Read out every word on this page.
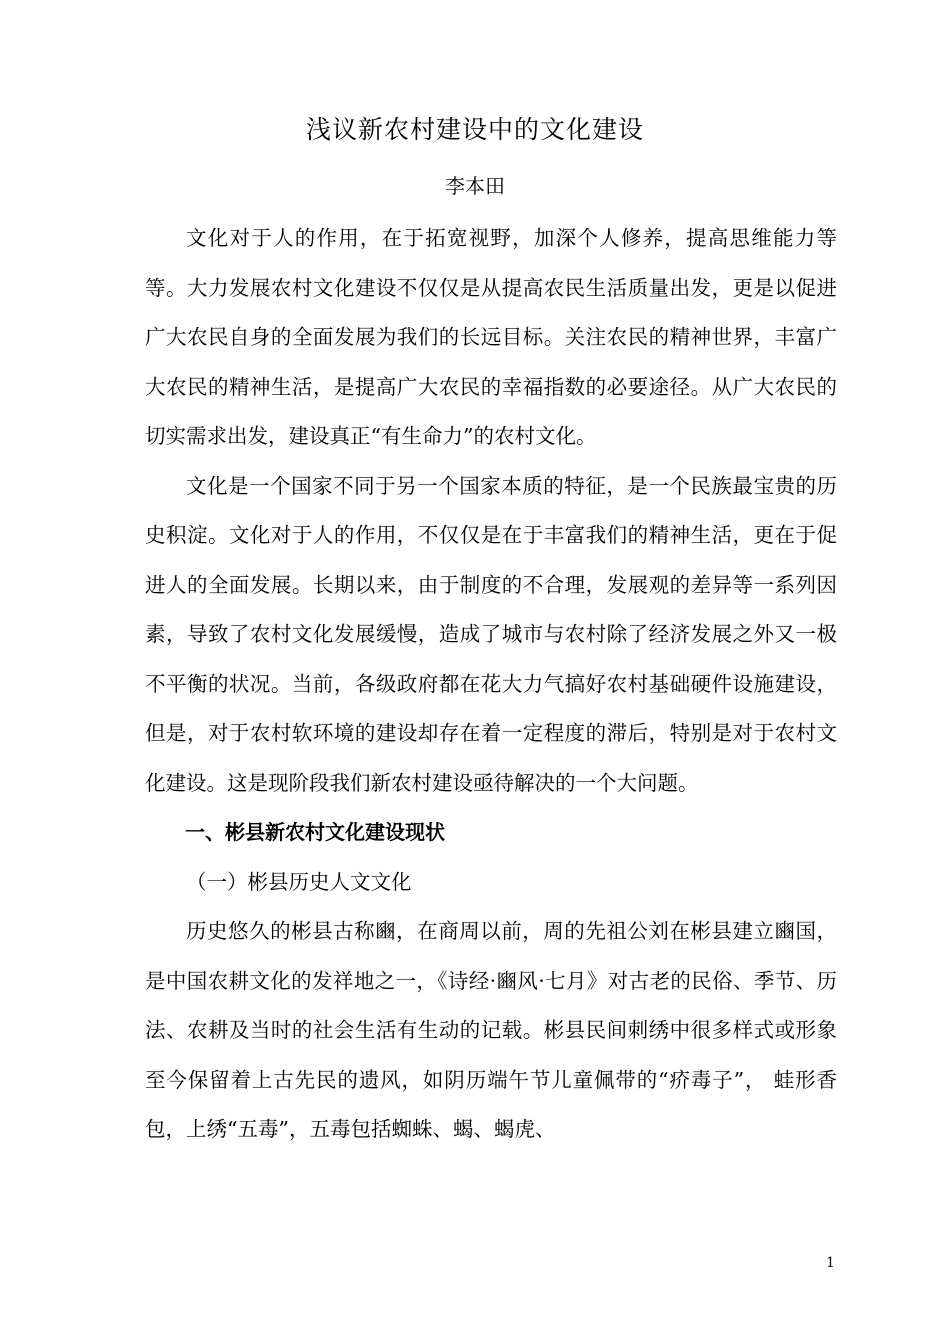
浅议新农村建设中的文化建设
李本田

文化对于人的作用，在于拓宽视野，加深个人修养，提高思维能力等等。大力发展农村文化建设不仅仅是从提高农民生活质量出发，更是以促进广大农民自身的全面发展为我们的长远目标。关注农民的精神世界，丰富广大农民的精神生活，是提高广大农民的幸福指数的必要途径。从广大农民的切实需求出发，建设真正“有生命力”的农村文化。

文化是一个国家不同于另一个国家本质的特征，是一个民族最宝贵的历史积淀。文化对于人的作用，不仅仅是在于丰富我们的精神生活，更在于促进人的全面发展。长期以来，由于制度的不合理，发展观的差异等一系列因素，导致了农村文化发展缓慢，造成了城市与农村除了经济发展之外又一极不平衡的状况。当前，各级政府都在花大力气搞好农村基础硬件设施建设，但是，对于农村软环境的建设却存在着一定程度的滞后，特别是对于农村文化建设。这是现阶段我们新农村建设亟待解决的一个大问题。

一、彬县新农村文化建设现状

（一）彬县历史人文文化

历史悠久的彬县古称豳，在商周以前，周的先祖公刘在彬县建立豳国，是中国农耕文化的发祥地之一，《诗经·豳风·七月》对古老的民俗、季节、历法、农耕及当时的社会生活有生动的记载。彬县民间刺绣中很多样式或形象至今保留着上古先民的遗风，如阴历端午节儿童佩带的“疥毒子”， 蛙形香包，上绣“五毒”，五毒包括蜘蛛、蝎、蝎虎、

1
